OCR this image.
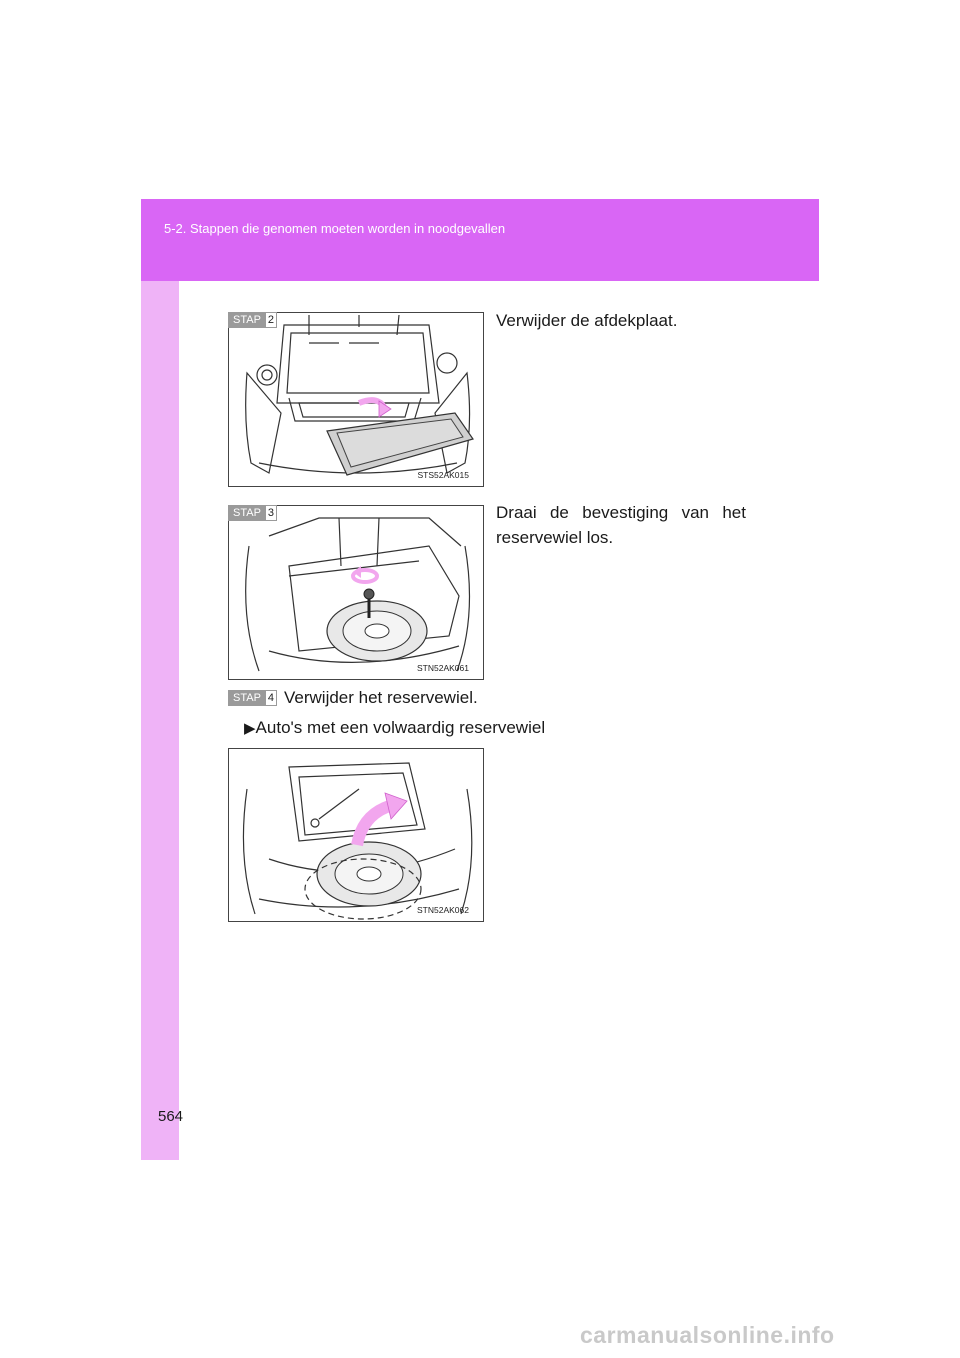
5-2. Stappen die genomen moeten worden in noodgevallen
STS52AK015
STAP 2	Verwijder de afdekplaat.
STN52AK061
STAP 3	Draai de bevestiging van het reservewiel los.
STAP 4 Verwijder het reservewiel.
▶Auto's met een volwaardig reservewiel
STN52AK062
564
carmanualsonline.info
